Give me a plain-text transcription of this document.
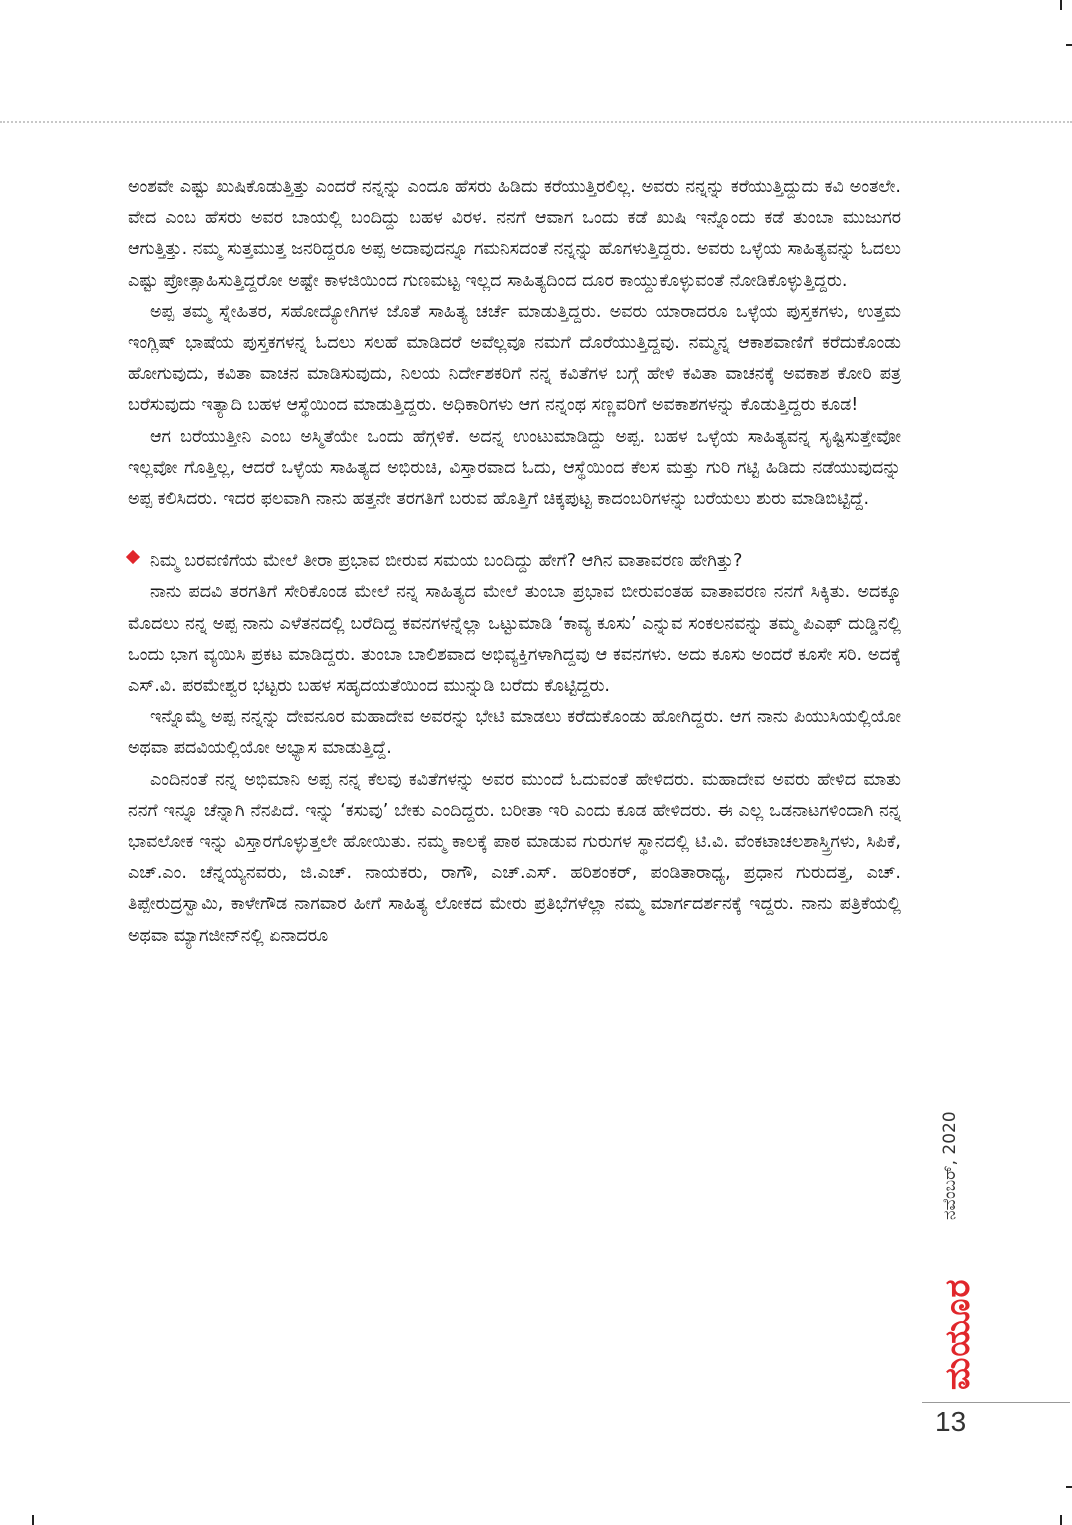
ಅಂಶವೇ ಎಷ್ಟು ಖುಷಿಕೊಡುತ್ತಿತ್ತು ಎಂದರೆ ನನ್ನನ್ನು ಎಂದೂ ಹೆಸರು ಹಿಡಿದು ಕರೆಯುತ್ತಿರಲಿಲ್ಲ. ಅವರು ನನ್ನನ್ನು ಕರೆಯುತ್ತಿದ್ದುದು ಕವಿ ಅಂತಲೇ. ವೇದ ಎಂಬ ಹೆಸರು ಅವರ ಬಾಯಲ್ಲಿ ಬಂದಿದ್ದು ಬಹಳ ವಿರಳ. ನನಗೆ ಆವಾಗ ಒಂದು ಕಡೆ ಖುಷಿ ಇನ್ನೊಂದು ಕಡೆ ತುಂಬಾ ಮುಜುಗರ ಆಗುತ್ತಿತ್ತು. ನಮ್ಮ ಸುತ್ತಮುತ್ತ ಜನರಿದ್ದರೂ ಅಪ್ಪ ಅದಾವುದನ್ನೂ ಗಮನಿಸದಂತೆ ನನ್ನನ್ನು ಹೊಗಳುತ್ತಿದ್ದರು. ಅವರು ಒಳ್ಳೆಯ ಸಾಹಿತ್ಯವನ್ನು ಓದಲು ಎಷ್ಟು ಪ್ರೋತ್ಸಾಹಿಸುತ್ತಿದ್ದರೋ ಅಷ್ಟೇ ಕಾಳಜಿಯಿಂದ ಗುಣಮಟ್ಟ ಇಲ್ಲದ ಸಾಹಿತ್ಯದಿಂದ ದೂರ ಕಾಯ್ದುಕೊಳ್ಳುವಂತೆ ನೋಡಿಕೊಳ್ಳುತ್ತಿದ್ದರು.

ಅಪ್ಪ ತಮ್ಮ ಸ್ನೇಹಿತರ, ಸಹೋದ್ಯೋಗಿಗಳ ಜೊತೆ ಸಾಹಿತ್ಯ ಚರ್ಚೆ ಮಾಡುತ್ತಿದ್ದರು. ಅವರು ಯಾರಾದರೂ ಒಳ್ಳೆಯ ಪುಸ್ತಕಗಳು, ಉತ್ತಮ ಇಂಗ್ಲಿಷ್ ಭಾಷೆಯ ಪುಸ್ತಕಗಳನ್ನ ಓದಲು ಸಲಹೆ ಮಾಡಿದರೆ ಅವೆಲ್ಲವೂ ನಮಗೆ ದೊರೆಯುತ್ತಿದ್ದವು. ನಮ್ಮನ್ನ ಆಕಾಶವಾಣಿಗೆ ಕರೆದುಕೊಂಡು ಹೋಗುವುದು, ಕವಿತಾ ವಾಚನ ಮಾಡಿಸುವುದು, ನಿಲಯ ನಿರ್ದೇಶಕರಿಗೆ ನನ್ನ ಕವಿತೆಗಳ ಬಗ್ಗೆ ಹೇಳಿ ಕವಿತಾ ವಾಚನಕ್ಕೆ ಅವಕಾಶ ಕೋರಿ ಪತ್ರ ಬರೆಸುವುದು ಇತ್ಯಾದಿ ಬಹಳ ಆಸ್ಥೆಯಿಂದ ಮಾಡುತ್ತಿದ್ದರು. ಅಧಿಕಾರಿಗಳು ಆಗ ನನ್ನಂಥ ಸಣ್ಣವರಿಗೆ ಅವಕಾಶಗಳನ್ನು ಕೊಡುತ್ತಿದ್ದರು ಕೂಡ!

ಆಗ ಬರೆಯುತ್ತೀನಿ ಎಂಬ ಅಸ್ಮಿತೆಯೇ ಒಂದು ಹೆಗ್ಗಳಿಕೆ. ಅದನ್ನ ಉಂಟುಮಾಡಿದ್ದು ಅಪ್ಪ. ಬಹಳ ಒಳ್ಳೆಯ ಸಾಹಿತ್ಯವನ್ನ ಸೃಷ್ಟಿಸುತ್ತೇವೋ ಇಲ್ಲವೋ ಗೊತ್ತಿಲ್ಲ, ಆದರೆ ಒಳ್ಳೆಯ ಸಾಹಿತ್ಯದ ಅಭಿರುಚಿ, ವಿಸ್ತಾರವಾದ ಓದು, ಆಸ್ಥೆಯಿಂದ ಕೆಲಸ ಮತ್ತು ಗುರಿ ಗಟ್ಟಿ ಹಿಡಿದು ನಡೆಯುವುದನ್ನು ಅಪ್ಪ ಕಲಿಸಿದರು. ಇದರ ಫಲವಾಗಿ ನಾನು ಹತ್ತನೇ ತರಗತಿಗೆ ಬರುವ ಹೊತ್ತಿಗೆ ಚಿಕ್ಕಪುಟ್ಟ ಕಾದಂಬರಿಗಳನ್ನು ಬರೆಯಲು ಶುರು ಮಾಡಿಬಿಟ್ಟಿದ್ದೆ.

ನಿಮ್ಮ ಬರವಣಿಗೆಯ ಮೇಲೆ ತೀರಾ ಪ್ರಭಾವ ಬೀರುವ ಸಮಯ ಬಂದಿದ್ದು ಹೇಗೆ? ಆಗಿನ ವಾತಾವರಣ ಹೇಗಿತ್ತು?

ನಾನು ಪದವಿ ತರಗತಿಗೆ ಸೇರಿಕೊಂಡ ಮೇಲೆ ನನ್ನ ಸಾಹಿತ್ಯದ ಮೇಲೆ ತುಂಬಾ ಪ್ರಭಾವ ಬೀರುವಂತಹ ವಾತಾವರಣ ನನಗೆ ಸಿಕ್ಕಿತು. ಅದಕ್ಕೂ ಮೊದಲು ನನ್ನ ಅಪ್ಪ ನಾನು ಎಳೆತನದಲ್ಲಿ ಬರೆದಿದ್ದ ಕವನಗಳನ್ನೆಲ್ಲಾ ಒಟ್ಟುಮಾಡಿ ‘ಕಾವ್ಯ ಕೂಸು’ ಎನ್ನುವ ಸಂಕಲನವನ್ನು ತಮ್ಮ ಪಿಎಫ್ ದುಡ್ಡಿನಲ್ಲಿ ಒಂದು ಭಾಗ ವ್ಯಯಿಸಿ ಪ್ರಕಟ ಮಾಡಿದ್ದರು. ತುಂಬಾ ಬಾಲಿಶವಾದ ಅಭಿವ್ಯಕ್ತಿಗಳಾಗಿದ್ದವು ಆ ಕವನಗಳು. ಅದು ಕೂಸು ಅಂದರೆ ಕೂಸೇ ಸರಿ. ಅದಕ್ಕೆ ಎಸ್.ವಿ. ಪರಮೇಶ್ವರ ಭಟ್ಟರು ಬಹಳ ಸಹೃದಯತೆಯಿಂದ ಮುನ್ನುಡಿ ಬರೆದು ಕೊಟ್ಟಿದ್ದರು.

ಇನ್ನೊಮ್ಮೆ ಅಪ್ಪ ನನ್ನನ್ನು ದೇವನೂರ ಮಹಾದೇವ ಅವರನ್ನು ಭೇಟಿ ಮಾಡಲು ಕರೆದುಕೊಂಡು ಹೋಗಿದ್ದರು. ಆಗ ನಾನು ಪಿಯುಸಿಯಲ್ಲಿಯೋ ಅಥವಾ ಪದವಿಯಲ್ಲಿಯೋ ಅಭ್ಯಾಸ ಮಾಡುತ್ತಿದ್ದೆ.

ಎಂದಿನಂತೆ ನನ್ನ ಅಭಿಮಾನಿ ಅಪ್ಪ ನನ್ನ ಕೆಲವು ಕವಿತೆಗಳನ್ನು ಅವರ ಮುಂದೆ ಓದುವಂತೆ ಹೇಳಿದರು. ಮಹಾದೇವ ಅವರು ಹೇಳಿದ ಮಾತು ನನಗೆ ಇನ್ನೂ ಚೆನ್ನಾಗಿ ನೆನಪಿದೆ. ಇನ್ನು ‘ಕಸುವು’ ಬೇಕು ಎಂದಿದ್ದರು. ಬರೀತಾ ಇರಿ ಎಂದು ಕೂಡ ಹೇಳಿದರು. ಈ ಎಲ್ಲ ಒಡನಾಟಗಳಿಂದಾಗಿ ನನ್ನ ಭಾವಲೋಕ ಇನ್ನು ವಿಸ್ತಾರಗೊಳ್ಳುತ್ತಲೇ ಹೋಯಿತು. ನಮ್ಮ ಕಾಲಕ್ಕೆ ಪಾಠ ಮಾಡುವ ಗುರುಗಳ ಸ್ಥಾನದಲ್ಲಿ ಟಿ.ವಿ. ವೆಂಕಟಾಚಲಶಾಸ್ತ್ರಿಗಳು, ಸಿಪಿಕೆ, ಎಚ್.ಎಂ. ಚೆನ್ನಯ್ಯನವರು, ಜಿ.ಎಚ್. ನಾಯಕರು, ರಾಗೌ, ಎಚ್.ಎಸ್. ಹರಿಶಂಕರ್, ಪಂಡಿತಾರಾಧ್ಯ, ಪ್ರಧಾನ ಗುರುದತ್ತ, ಎಚ್. ತಿಪ್ಪೇರುದ್ರಸ್ವಾಮಿ, ಕಾಳೇಗೌಡ ನಾಗವಾರ ಹೀಗೆ ಸಾಹಿತ್ಯ ಲೋಕದ ಮೇರು ಪ್ರತಿಭೆಗಳೆಲ್ಲಾ ನಮ್ಮ ಮಾರ್ಗದರ್ಶನಕ್ಕೆ ಇದ್ದರು. ನಾನು ಪತ್ರಿಕೆಯಲ್ಲಿ ಅಥವಾ ಮ್ಯಾಗಜೀನ್‌ನಲ್ಲಿ ಏನಾದರೂ

ನವೆಂಬರ್, 2020
ಮಯೂರ
13
